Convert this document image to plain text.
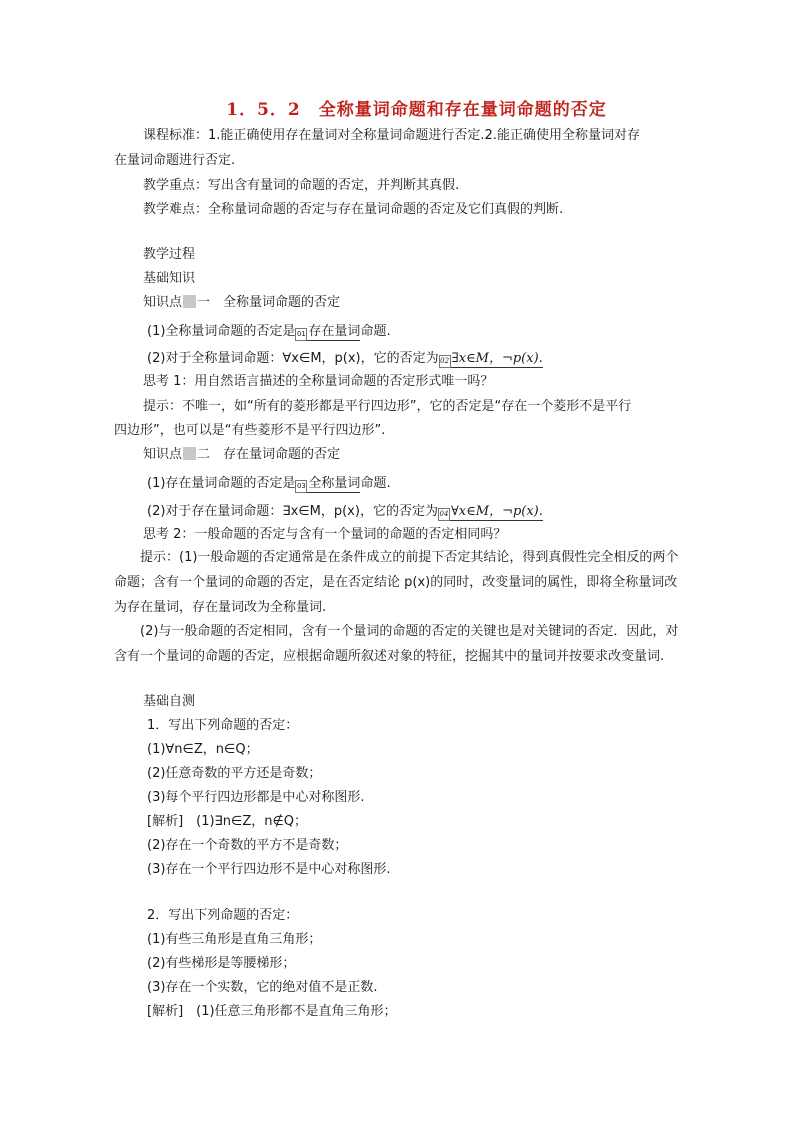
1．5．2　全称量词命题和存在量词命题的否定
课程标准：1.能正确使用存在量词对全称量词命题进行否定.2.能正确使用全称量词对存
在量词命题进行否定.
教学重点：写出含有量词的命题的否定，并判断其真假.
教学难点：全称量词命题的否定与存在量词命题的否定及它们真假的判断.
教学过程
基础知识
知识点 一　全称量词命题的否定
(1)全称量词命题的否定是 01 存在量词命题.
(2)对于全称量词命题：∀x∈M，p(x)，它的否定为 02 ∃x∈M，¬p(x).
思考 1：用自然语言描述的全称量词命题的否定形式唯一吗？
提示：不唯一，如“所有的菱形都是平行四边形”，它的否定是“存在一个菱形不是平行
四边形”，也可以是“有些菱形不是平行四边形”.
知识点 二　存在量词命题的否定
(1)存在量词命题的否定是 03 全称量词命题.
(2)对于存在量词命题：∃x∈M，p(x)，它的否定为 04 ∀x∈M，¬p(x).
思考 2：一般命题的否定与含有一个量词的命题的否定相同吗？
提示：(1)一般命题的否定通常是在条件成立的前提下否定其结论，得到真假性完全相反的两个命题；含有一个量词的命题的否定，是在否定结论 p(x)的同时，改变量词的属性，即将全称量词改为存在量词，存在量词改为全称量词.
(2)与一般命题的否定相同，含有一个量词的命题的否定的关键也是对关键词的否定．因此，对含有一个量词的命题的否定，应根据命题所叙述对象的特征，挖掘其中的量词并按要求改变量词.
基础自测
1．写出下列命题的否定：
(1)∀n∈Z，n∈Q；
(2)任意奇数的平方还是奇数；
(3)每个平行四边形都是中心对称图形.
[解析]　(1)∃n∈Z，n∉Q；
(2)存在一个奇数的平方不是奇数；
(3)存在一个平行四边形不是中心对称图形.
2．写出下列命题的否定：
(1)有些三角形是直角三角形；
(2)有些梯形是等腰梯形；
(3)存在一个实数，它的绝对值不是正数.
[解析]　(1)任意三角形都不是直角三角形；
